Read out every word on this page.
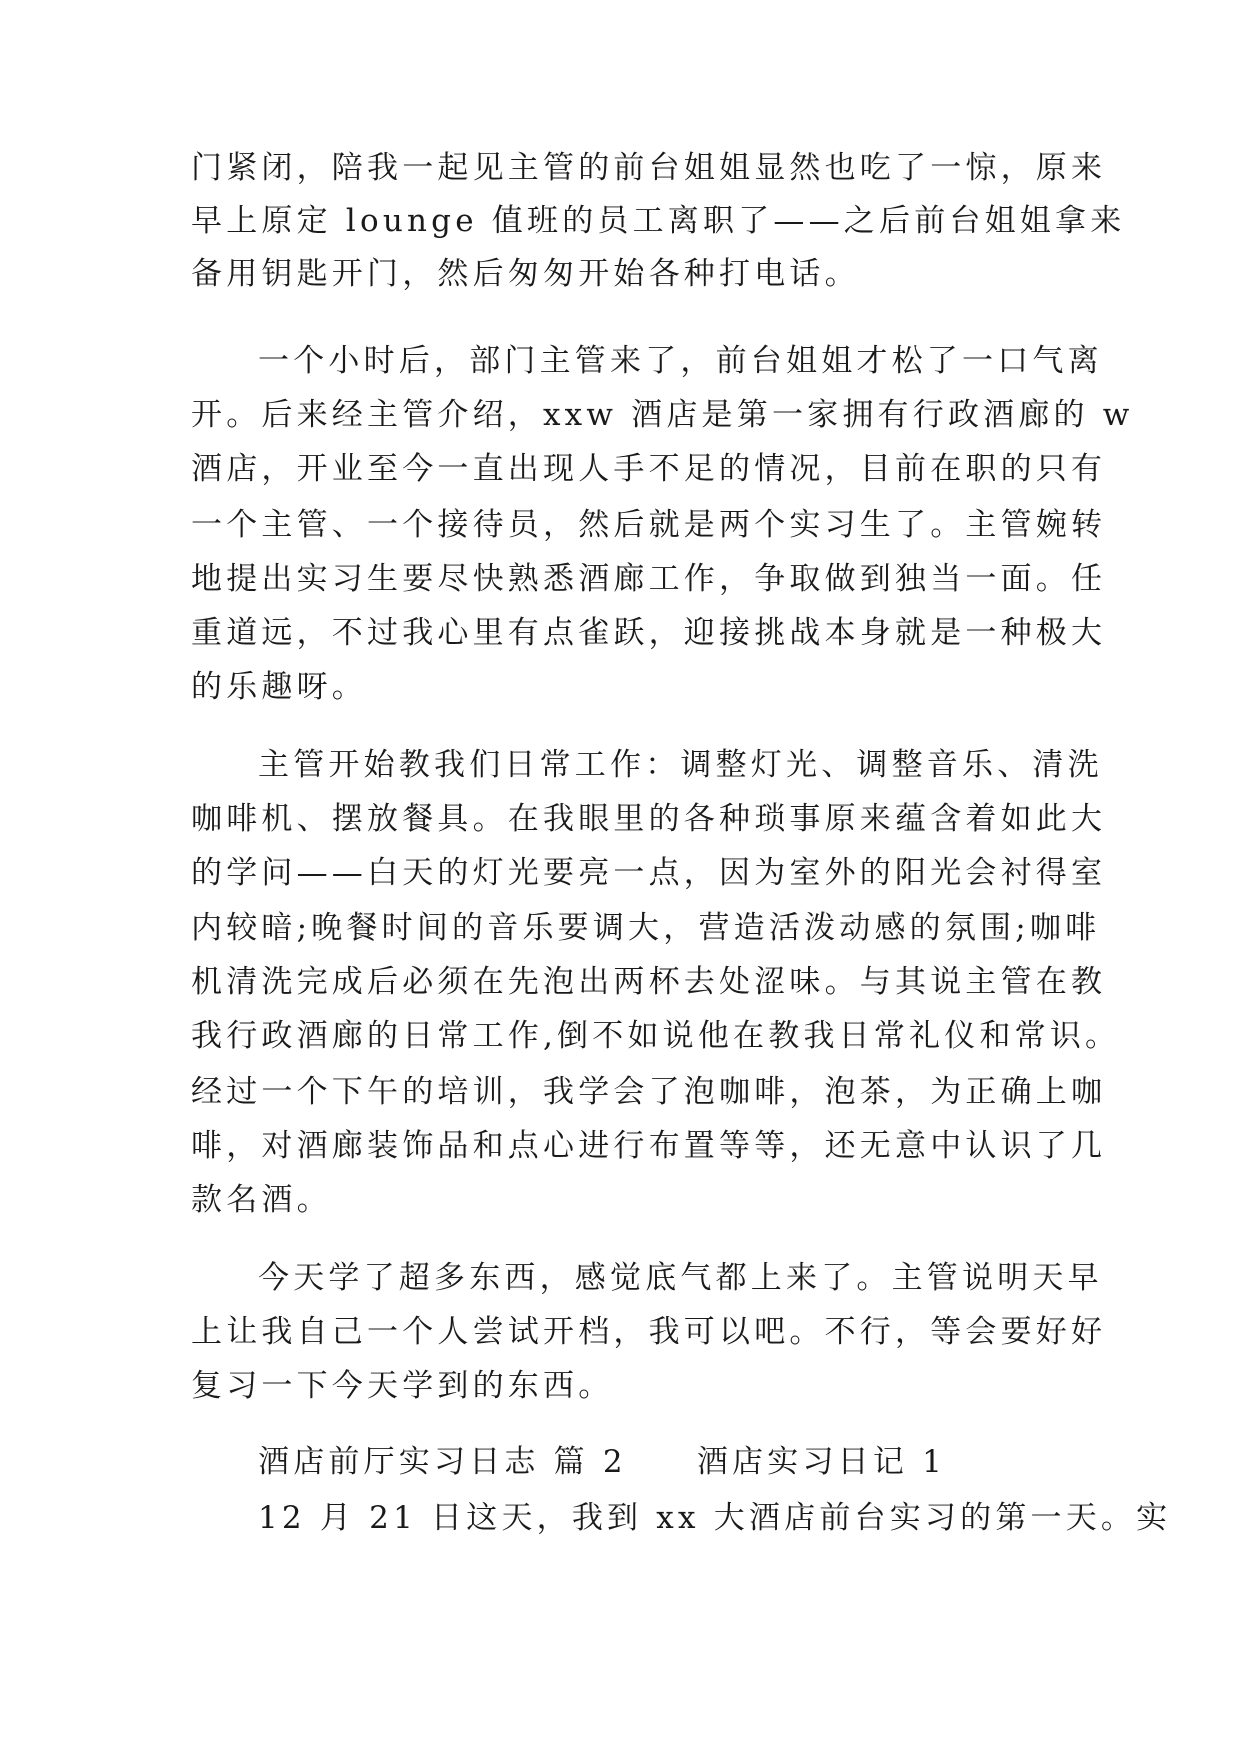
门紧闭，陪我一起见主管的前台姐姐显然也吃了一惊，原来

早上原定 lounge 值班的员工离职了——之后前台姐姐拿来

备用钥匙开门，然后匆匆开始各种打电话。

一个小时后，部门主管来了，前台姐姐才松了一口气离

开。后来经主管介绍，xxw 酒店是第一家拥有行政酒廊的 w

酒店，开业至今一直出现人手不足的情况，目前在职的只有

一个主管、一个接待员，然后就是两个实习生了。主管婉转

地提出实习生要尽快熟悉酒廊工作，争取做到独当一面。任

重道远，不过我心里有点雀跃，迎接挑战本身就是一种极大

的乐趣呀。

主管开始教我们日常工作：调整灯光、调整音乐、清洗

咖啡机、摆放餐具。在我眼里的各种琐事原来蕴含着如此大

的学问——白天的灯光要亮一点，因为室外的阳光会衬得室

内较暗;晚餐时间的音乐要调大，营造活泼动感的氛围;咖啡

机清洗完成后必须在先泡出两杯去处涩味。与其说主管在教

我行政酒廊的日常工作,倒不如说他在教我日常礼仪和常识。

经过一个下午的培训，我学会了泡咖啡，泡茶，为正确上咖

啡，对酒廊装饰品和点心进行布置等等，还无意中认识了几

款名酒。

今天学了超多东西，感觉底气都上来了。主管说明天早

上让我自己一个人尝试开档，我可以吧。不行，等会要好好

复习一下今天学到的东西。

酒店前厅实习日志 篇 2 酒店实习日记 1

12 月 21 日这天，我到 xx 大酒店前台实习的第一天。实
